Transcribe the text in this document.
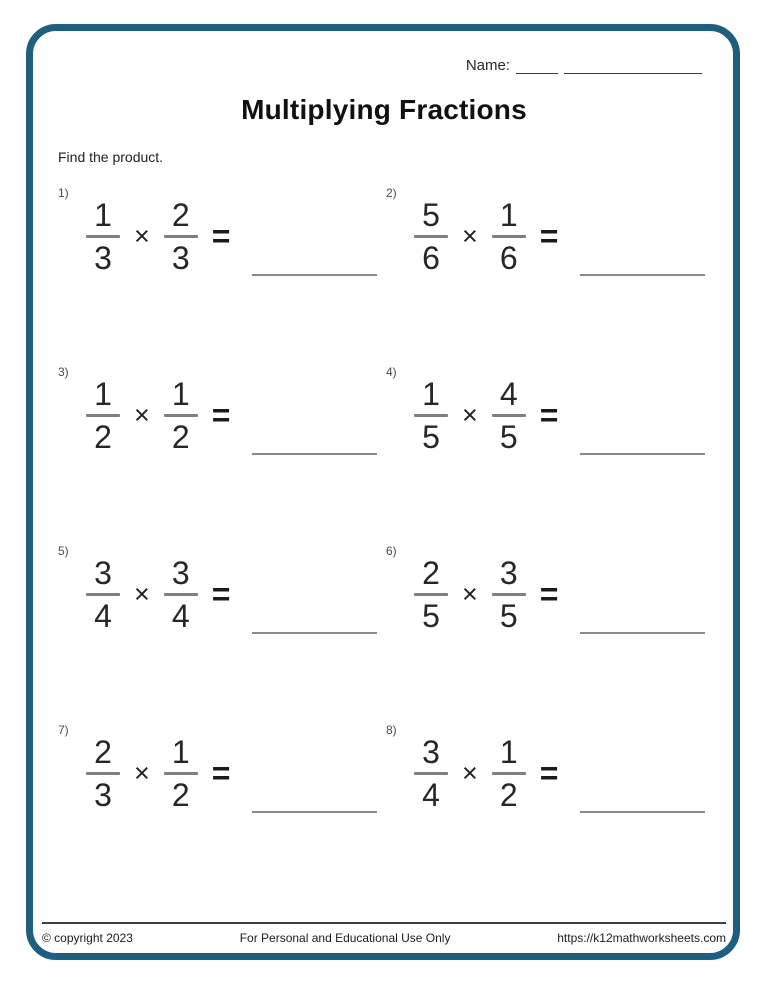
Name:
Multiplying Fractions
Find the product.
1)
$\frac{1}{3} \times \frac{2}{3}$ =
2)
$\frac{5}{6} \times \frac{1}{6}$ =
3)
$\frac{1}{2} \times \frac{1}{2}$ =
4)
$\frac{1}{5} \times \frac{4}{5}$ =
5)
$\frac{3}{4} \times \frac{3}{4}$ =
6)
$\frac{2}{5} \times \frac{3}{5}$ =
7)
$\frac{2}{3} \times \frac{1}{2}$ =
8)
$\frac{3}{4} \times \frac{1}{2}$ =
© copyright 2023	For Personal and Educational Use Only	https://k12mathworksheets.com
